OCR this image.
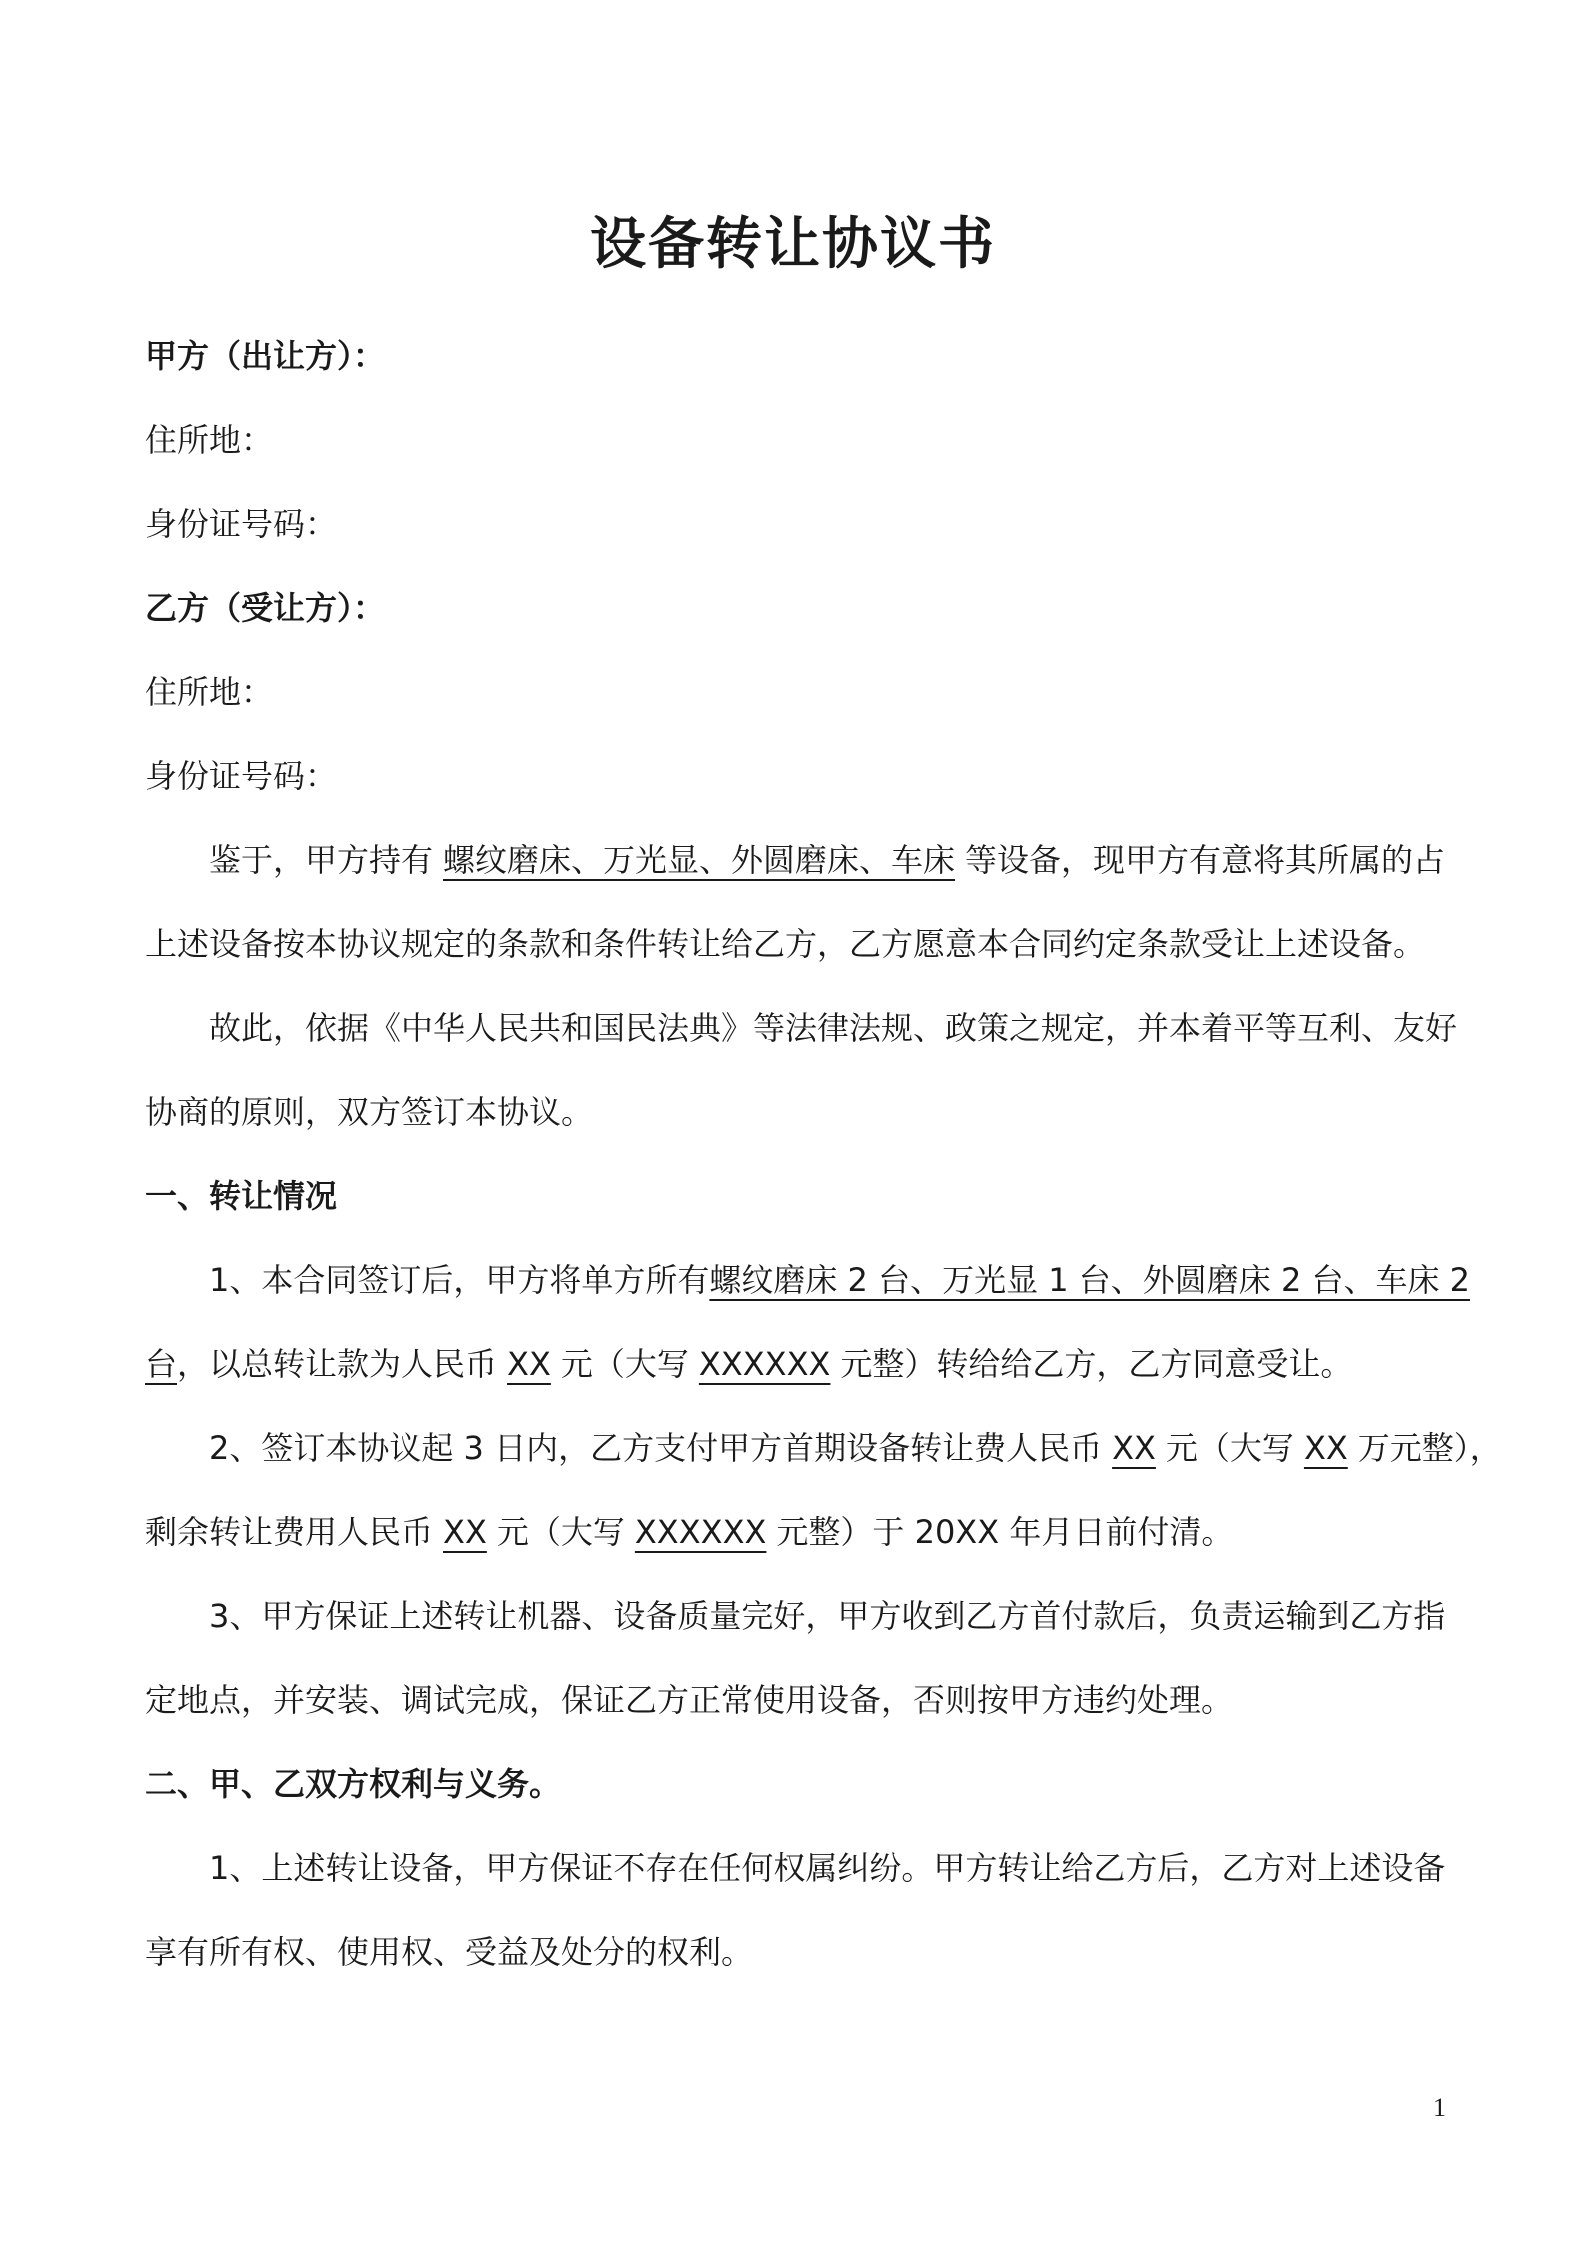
设备转让协议书
甲方（出让方）：
住所地：
身份证号码：
乙方（受让方）：
住所地：
身份证号码：
鉴于，甲方持有 螺纹磨床、万光显、外圆磨床、车床 等设备，现甲方有意将其所属的占
上述设备按本协议规定的条款和条件转让给乙方，乙方愿意本合同约定条款受让上述设备。
故此，依据《中华人民共和国民法典》等法律法规、政策之规定，并本着平等互利、友好
协商的原则，双方签订本协议。
一、转让情况
1、本合同签订后，甲方将单方所有螺纹磨床 2 台、万光显 1 台、外圆磨床 2 台、车床 2
台，以总转让款为人民币 XX 元（大写 XXXXXX 元整）转给给乙方，乙方同意受让。
2、签订本协议起 3 日内，乙方支付甲方首期设备转让费人民币 XX 元（大写 XX 万元整），
剩余转让费用人民币 XX 元（大写 XXXXXX 元整）于 20XX 年月日前付清。
3、甲方保证上述转让机器、设备质量完好，甲方收到乙方首付款后，负责运输到乙方指
定地点，并安装、调试完成，保证乙方正常使用设备，否则按甲方违约处理。
二、甲、乙双方权利与义务。
1、上述转让设备，甲方保证不存在任何权属纠纷。甲方转让给乙方后，乙方对上述设备
享有所有权、使用权、受益及处分的权利。
1
